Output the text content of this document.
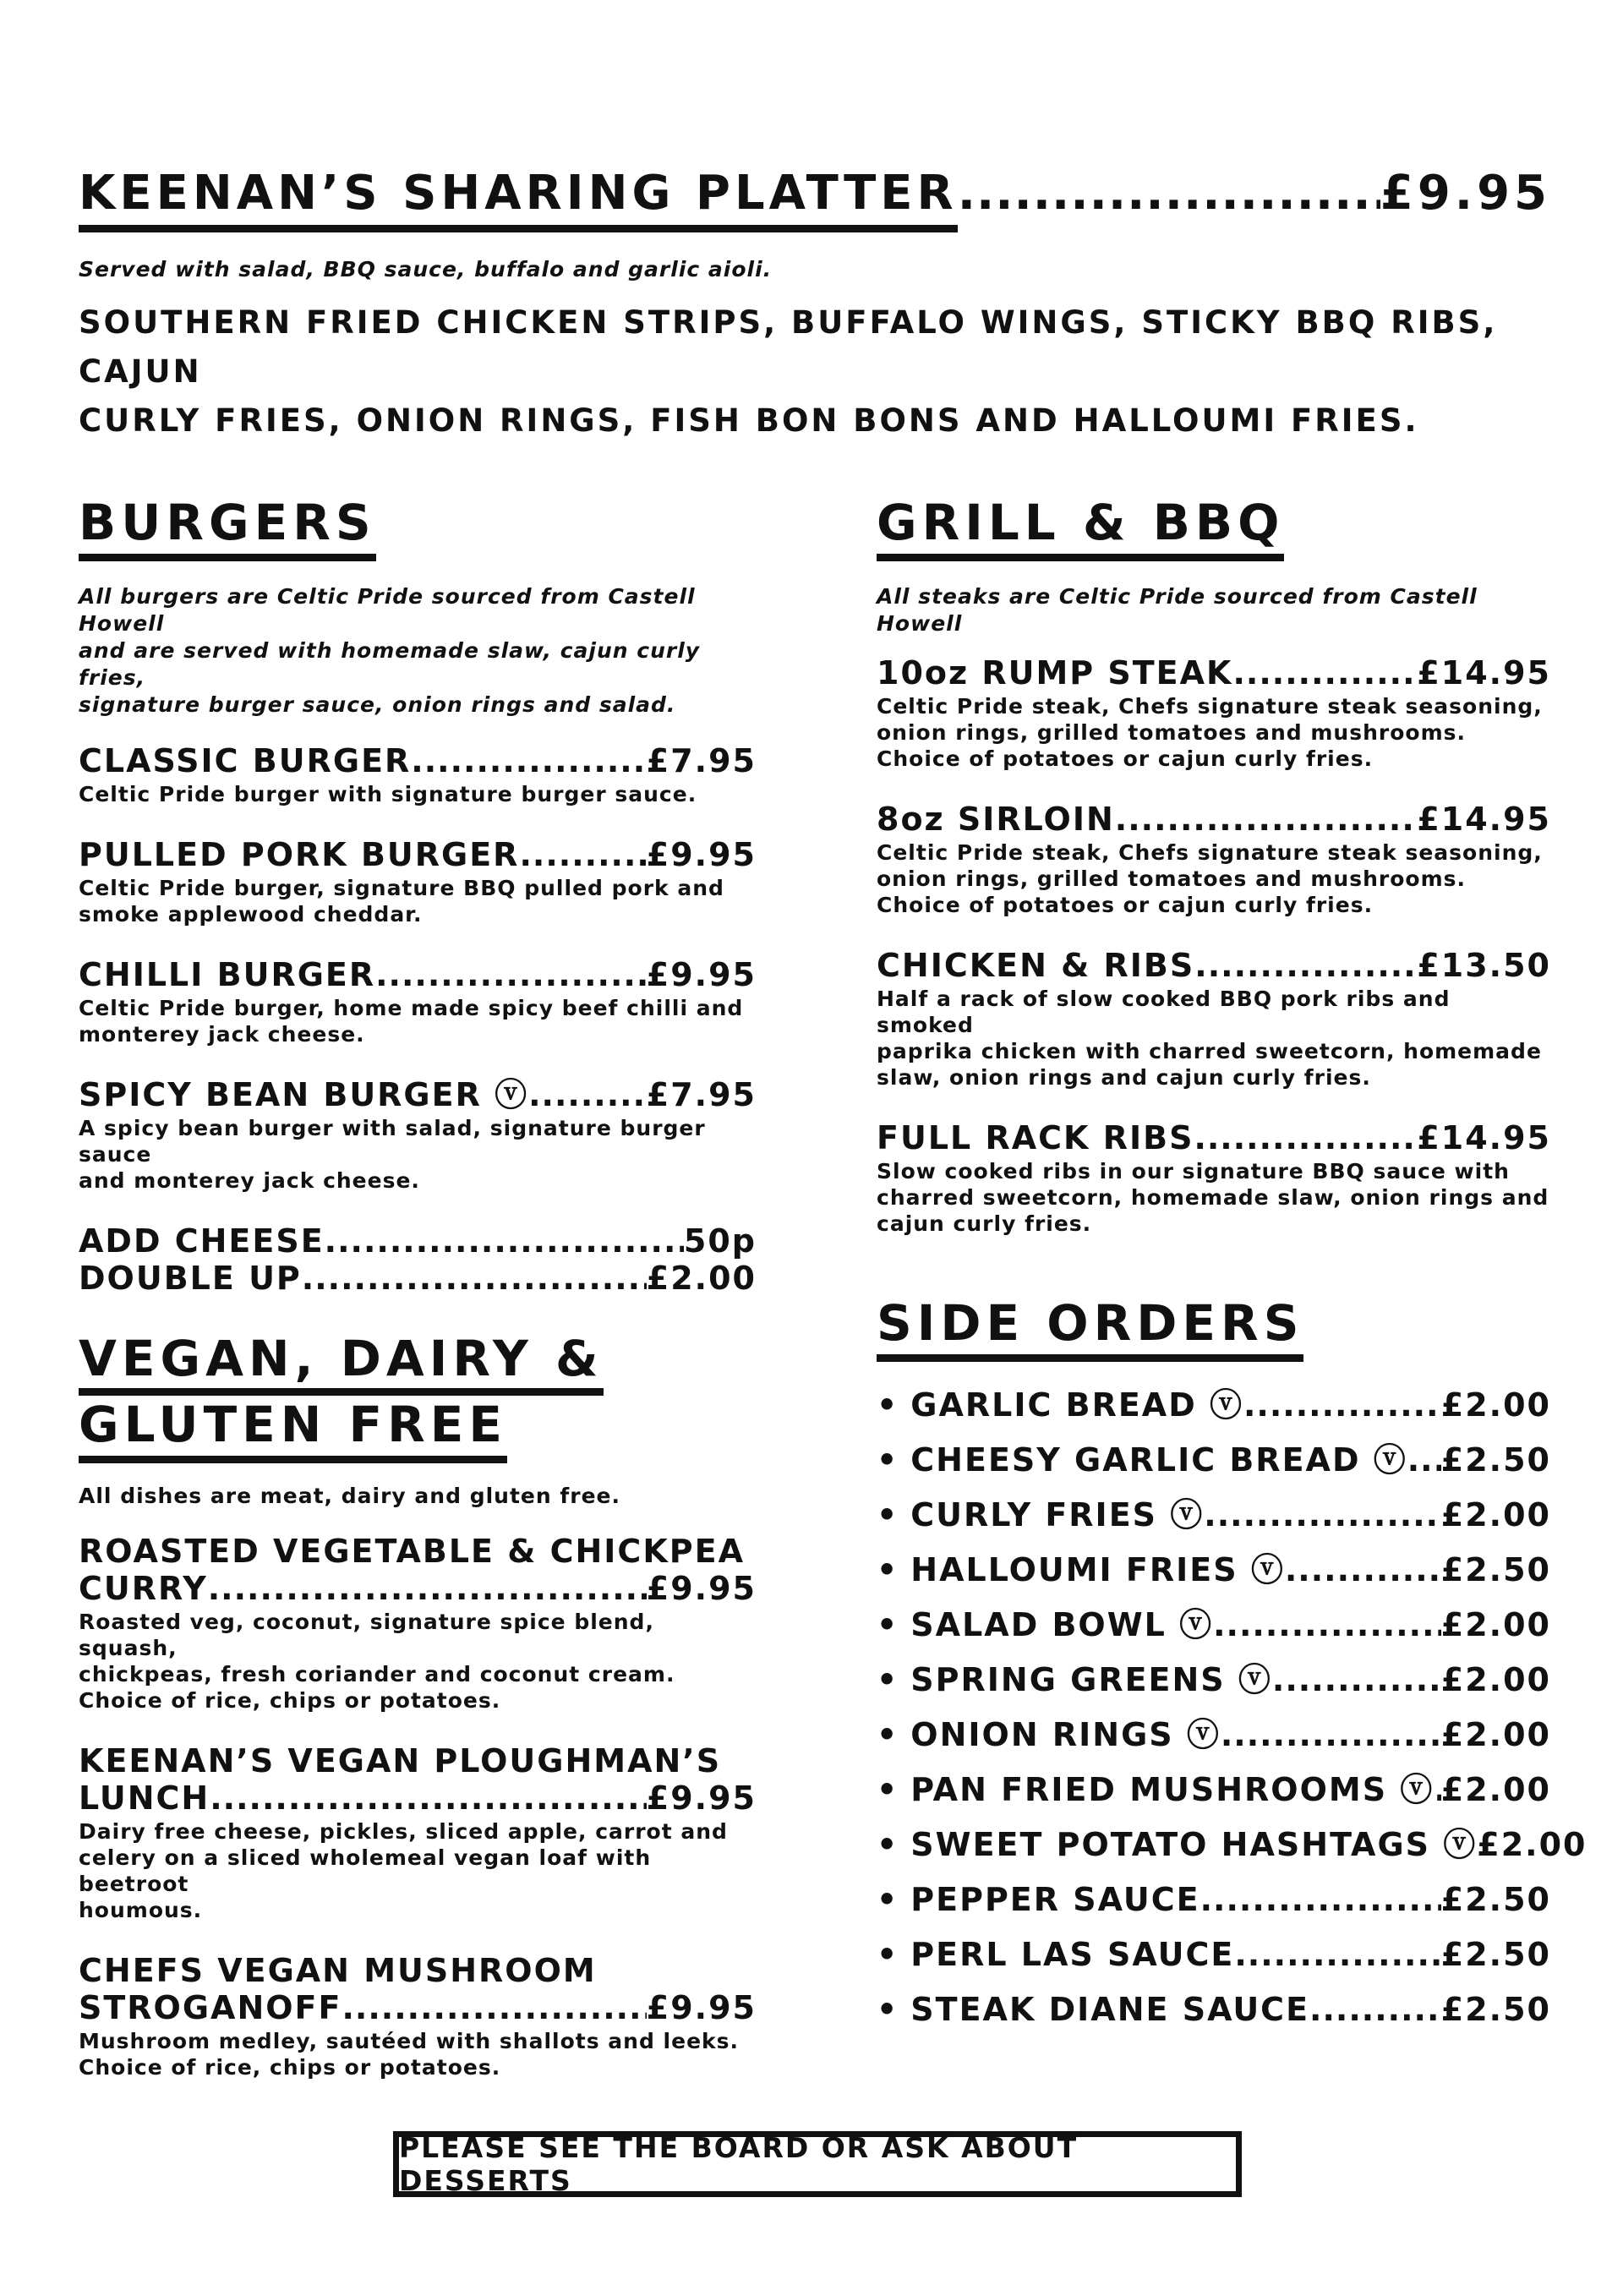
KEENAN’S SHARING PLATTER .....	£9.95
Served with salad, BBQ sauce, buffalo and garlic aioli.
SOUTHERN FRIED CHICKEN STRIPS, BUFFALO WINGS, STICKY BBQ RIBS, CAJUN
CURLY FRIES, ONION RINGS, FISH BON BONS AND HALLOUMI FRIES.
BURGERS
All burgers are Celtic Pride sourced from Castell Howell
and are served with homemade slaw, cajun curly fries,
signature burger sauce, onion rings and salad.
CLASSIC BURGER .....	£7.95
Celtic Pride burger with signature burger sauce.
PULLED PORK BURGER .....	£9.95
Celtic Pride burger, signature BBQ pulled pork and
smoke applewood cheddar.
CHILLI BURGER .....	£9.95
Celtic Pride burger, home made spicy beef chilli and
monterey jack cheese.
SPICY BEAN BURGER ⓥ .....	£7.95
A spicy bean burger with salad, signature burger sauce
and monterey jack cheese.
ADD CHEESE .....	50p
DOUBLE UP .....	£2.00
GRILL & BBQ
All steaks are Celtic Pride sourced from Castell Howell
10oz RUMP STEAK .....	£14.95
Celtic Pride steak, Chefs signature steak seasoning,
onion rings, grilled tomatoes and mushrooms.
Choice of potatoes or cajun curly fries.
8oz SIRLOIN .....	£14.95
Celtic Pride steak, Chefs signature steak seasoning,
onion rings, grilled tomatoes and mushrooms.
Choice of potatoes or cajun curly fries.
CHICKEN & RIBS .....	£13.50
Half a rack of slow cooked BBQ pork ribs and smoked
paprika chicken with charred sweetcorn, homemade
slaw, onion rings and cajun curly fries.
FULL RACK RIBS .....	£14.95
Slow cooked ribs in our signature BBQ sauce with
charred sweetcorn, homemade slaw, onion rings and
cajun curly fries.
VEGAN, DAIRY &

GLUTEN FREE
All dishes are meat, dairy and gluten free.
ROASTED VEGETABLE & CHICKPEA
CURRY .....	£9.95
Roasted veg, coconut, signature spice blend, squash,
chickpeas, fresh coriander and coconut cream.
Choice of rice, chips or potatoes.
KEENAN’S VEGAN PLOUGHMAN’S
LUNCH .....	£9.95
Dairy free cheese, pickles, sliced apple, carrot and
celery on a sliced wholemeal vegan loaf with beetroot
houmous.
CHEFS VEGAN MUSHROOM
STROGANOFF .....	£9.95
Mushroom medley, sautéed with shallots and leeks.
Choice of rice, chips or potatoes.
SIDE ORDERS
• GARLIC BREAD ⓥ .....	£2.00
• CHEESY GARLIC BREAD ⓥ ..... £2.50
• CURLY FRIES ⓥ .....	£2.00
• HALLOUMI FRIES ⓥ .....	£2.50
• SALAD BOWL ⓥ .....	£2.00
• SPRING GREENS ⓥ .....	£2.00
• ONION RINGS ⓥ .....	£2.00
• PAN FRIED MUSHROOMS ⓥ ..... £2.00
• SWEET POTATO HASHTAGS ⓥ £2.00
• PEPPER SAUCE .....	£2.50
• PERL LAS SAUCE .....	£2.50
• STEAK DIANE SAUCE .....	£2.50
PLEASE SEE THE BOARD OR ASK ABOUT DESSERTS
